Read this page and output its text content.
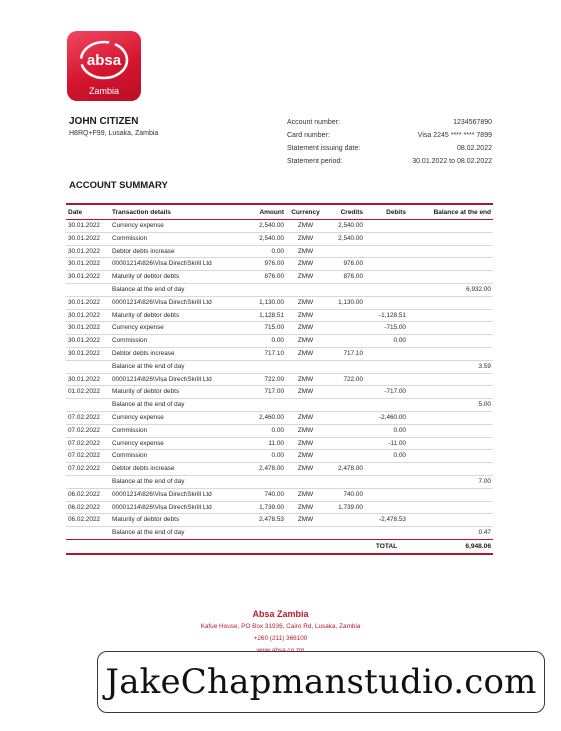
absa
Zambia
JOHN CITIZEN
H8RQ+F99, Lusaka, Zambia
Account number:	1234567890
Card number:	Visa 2245 **** **** 7899
Statement issuing date:	08.02.2022
Statement period:	30.01.2022 to 08.02.2022
ACCOUNT SUMMARY
Date	Transaction details	Amount	Currency	Credits	Debits	Balance at the end
30.01.2022	Currency expense	2,540.00	ZMW	2,540.00		
30.01.2022	Commission	2,540.00	ZMW	2,540.00		
30.01.2022	Debtor debts increase	0.00	ZMW			
30.01.2022	00001214\826\Visa Direct\Skrill Ltd	976.00	ZMW	976.00		
30.01.2022	Maturity of debtor debts	876.00	ZMW	876.00		
	Balance at the end of day					6,932.00
30.01.2022	00001214\826\Visa Direct\Skrill Ltd	1,130.00	ZMW	1,130.00		
30.01.2022	Maturity of debtor debts	1,128.51	ZMW		-1,128.51	
30.01.2022	Currency expense	715.00	ZMW		-715.00	
30.01.2022	Commission	0.00	ZMW		0.00	
30.01.2022	Debtor debts increase	717.10	ZMW	717.10		
	Balance at the end of day					3.59
30.01.2022	00001214\826\Visa Direct\Skrill Ltd	722.00	ZMW	722.00		
01.02.2022	Maturity of debtor debts	717.00	ZMW		-717.00	
	Balance at the end of day					5.00
07.02.2022	Currency expense	2,460.00	ZMW		-2,460.00	
07.02.2022	Commission	0.00	ZMW		0.00	
07.02.2022	Currency expense	11.00	ZMW		-11.00	
07.02.2022	Commission	0.00	ZMW		0.00	
07.02.2022	Debtor debts increase	2,478.00	ZMW	2,478.00		
	Balance at the end of day					7.00
06.02.2022	00001214\826\Visa Direct\Skrill Ltd	740.00	ZMW	740.00		
06.02.2022	00001214\826\Visa Direct\Skrill Ltd	1,739.00	ZMW	1,739.00		
06.02.2022	Maturity of debtor debts	2,478.53	ZMW		-2,478.53	
	Balance at the end of day					0.47
					TOTAL	6,948.06
Absa Zambia
Kafue House, PO Box 31936, Cairo Rd, Lusaka, Zambia
+260 (211) 366100
JakeChapmanstudio.com
